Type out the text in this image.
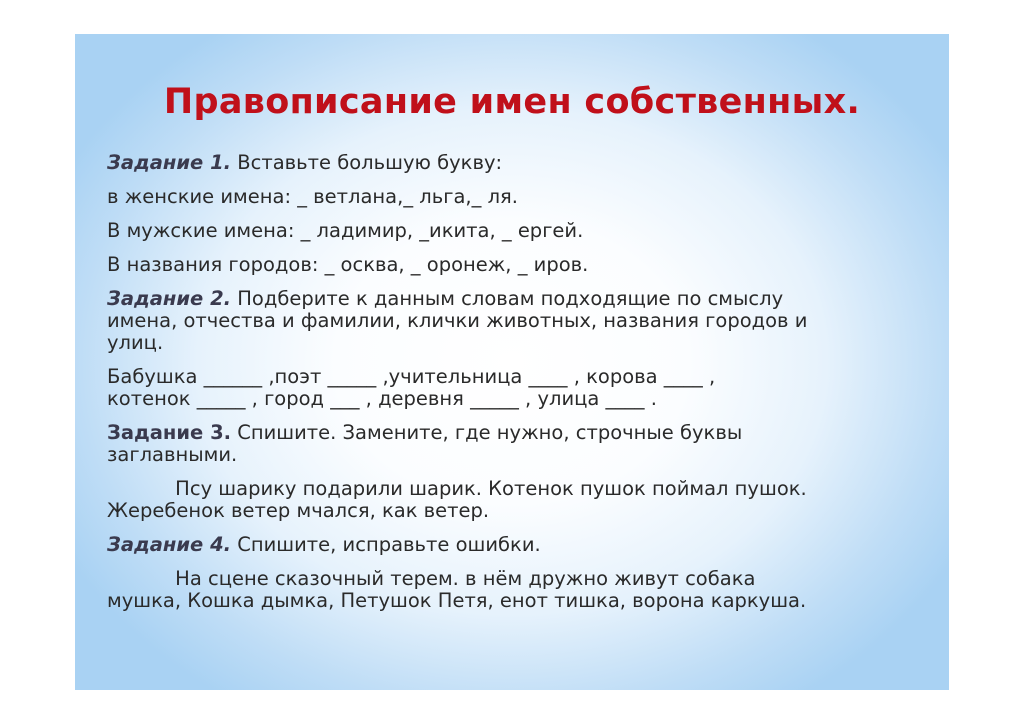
Правописание имен собственных.
Задание 1. Вставьте большую букву:
в женские имена: _ ветлана,_ льга,_ ля.
В мужские имена: _ ладимир, _икита, _ ергей.
В названия городов: _ осква, _ оронеж, _ иров.
Задание 2. Подберите к данным словам подходящие по смыслу
имена, отчества и фамилии, клички животных, названия городов и
улиц.
Бабушка ______ ,поэт _____ ,учительница ____ , корова ____ ,
котенок _____ , город ___ , деревня _____ , улица ____ .
Задание 3. Спишите. Замените, где нужно, строчные буквы
заглавными.
Псу шарику подарили шарик. Котенок пушок поймал пушок.
Жеребенок ветер мчался, как ветер.
Задание 4. Спишите, исправьте ошибки.
На сцене сказочный терем. в нём дружно живут собака
мушка, Кошка дымка, Петушок Петя, енот тишка, ворона каркуша.
